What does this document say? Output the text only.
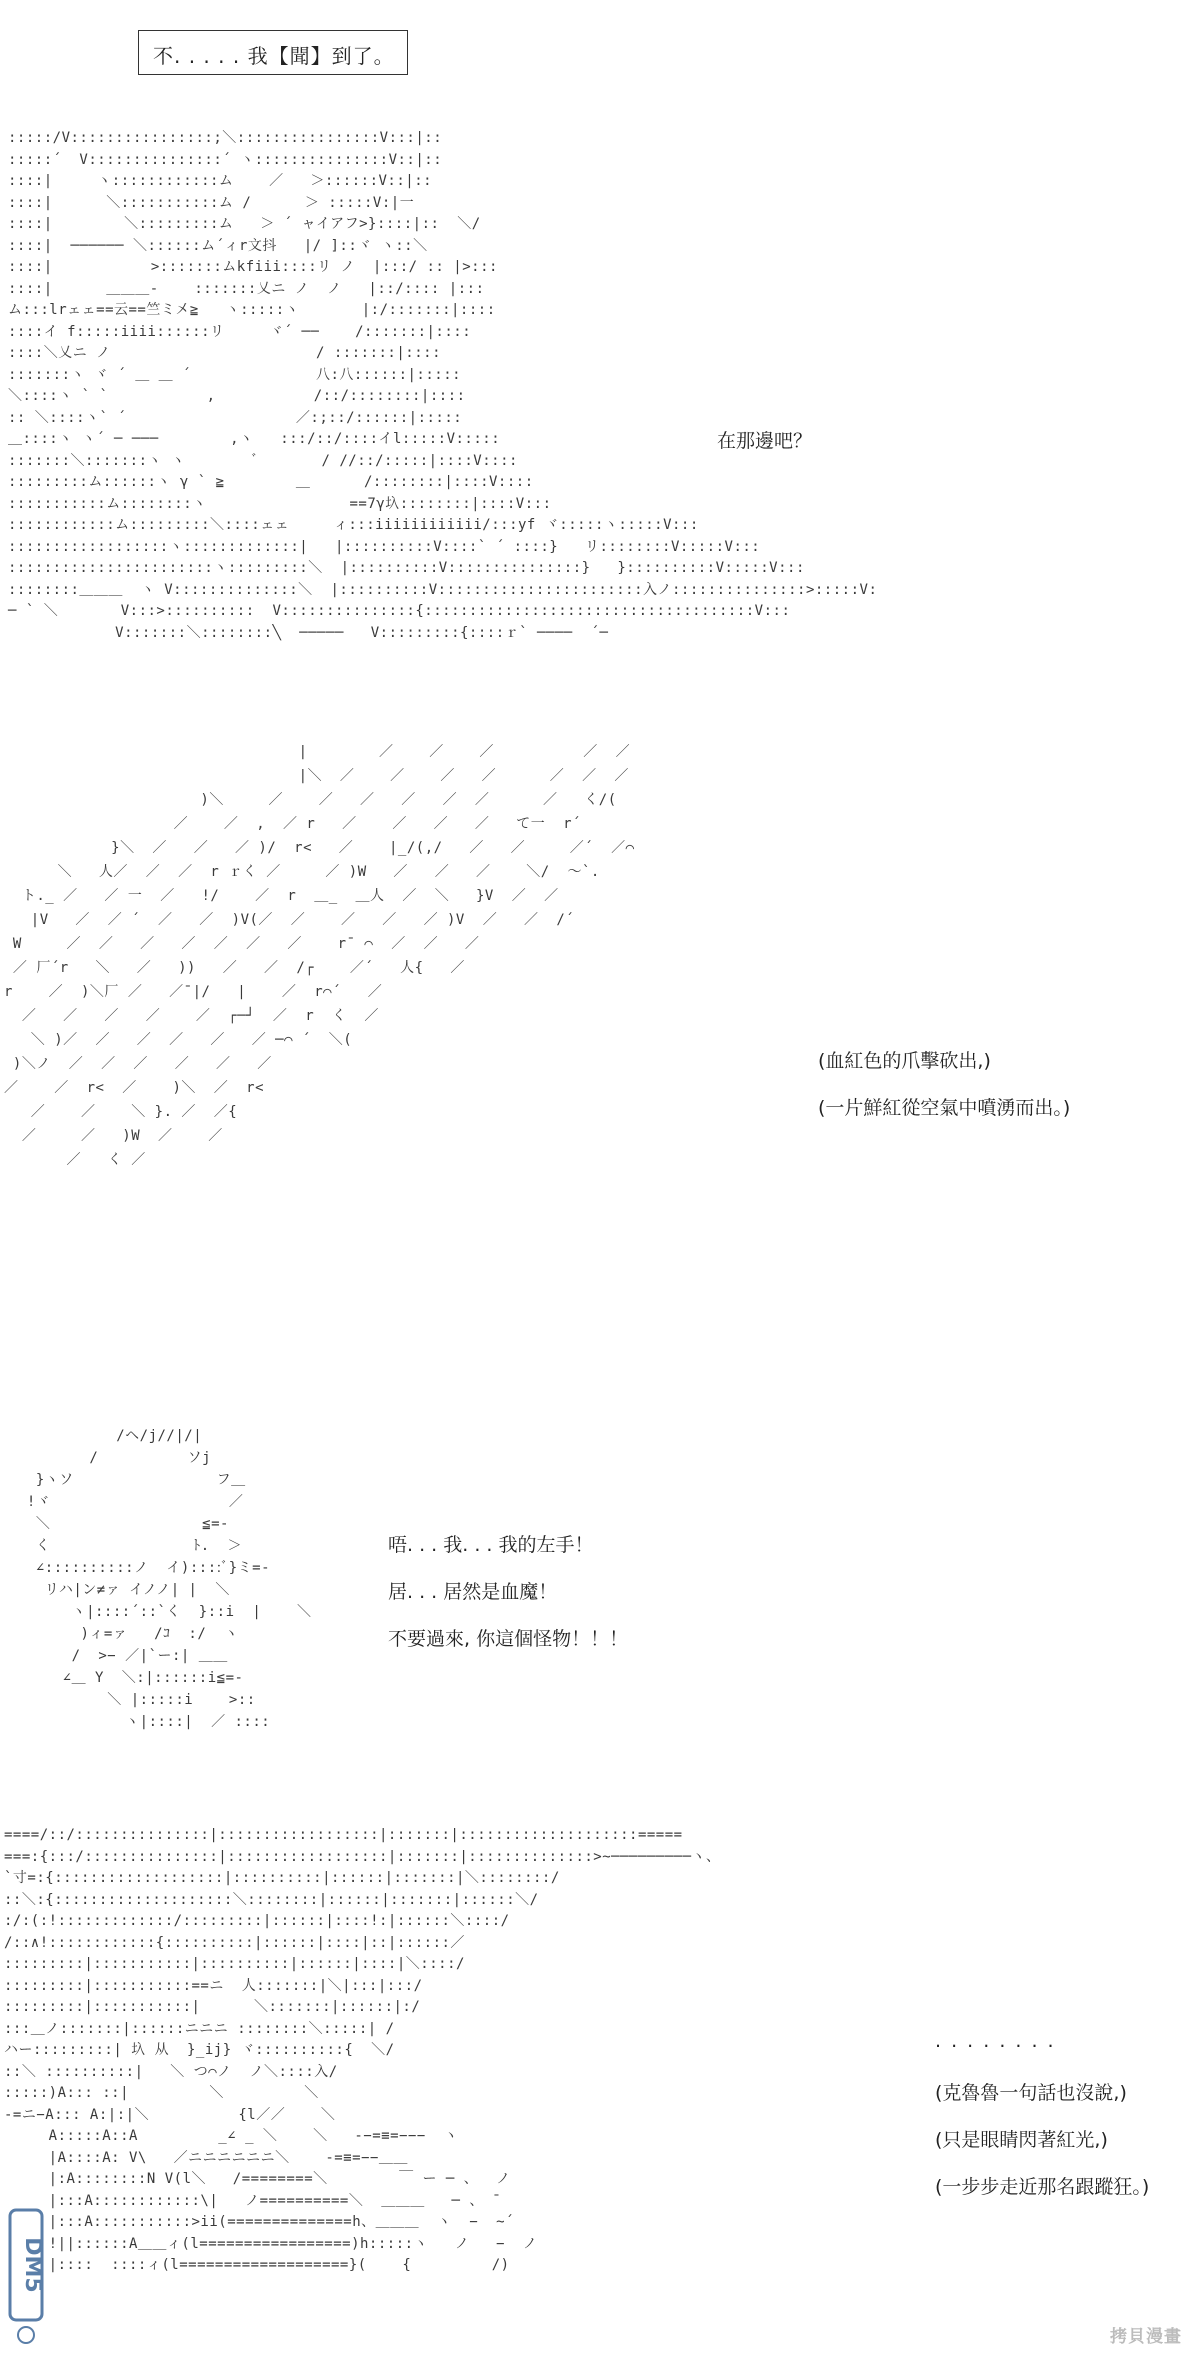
不. . . . . 我【聞】到了。
:::::/V::::::::::::::::;＼::::::::::::::::V:::|::
:::::´  V:::::::::::::::´ ヽ:::::::::::::::V::|::
::::|     ヽ::::::::::::ム    ／   ＞::::::V::|::
::::|      ＼:::::::::::ム /      ＞ :::::V:|一
::::|        ＼:::::::::ム   ＞ ´ ャイアフ>}::::|::  ＼/
::::|  ────── ＼::::::ム´ィr文抖   |/ ]::ヾ ヽ::＼
::::|           >:::::::ムkfiii::::リ ノ  |:::/ :: |>:::
::::|      ＿＿＿-    :::::::乂ニ ノ  ノ   |::/:::: |:::
ム:::lrェェ==云==竺ミ㐅≧   ヽ:::::ヽ       |:/:::::::|::::
::::イ f:::::iiii::::::リ     ヾ´ ──    /:::::::|::::
::::＼乂ニ ノ                       / :::::::|::::
:::::::ヽ ヾ ´ ＿ ＿ ´              八:八::::::|:::::
＼::::ヽ ` `           ,           /::/::::::::|::::
:: ＼::::ヽ` ´                   ／:;::/::::::|:::::
＿::::ヽ ヽ´ ─ ───        ,ヽ   :::/::/::::イl:::::V:::::
:::::::＼:::::::ヽ ヽ        ﾞ       / //::/:::::|::::V::::
:::::::::ム::::::ヽ γ ` ≧        ＿      /::::::::|::::V::::
:::::::::::ム::::::::ヽ                ==7γ圦::::::::|::::V:::
::::::::::::ム:::::::::＼::::ェェ     ィ:::iiiiiiiiiiii/:::yf ヾ:::::ヽ:::::V:::
::::::::::::::::::ヽ:::::::::::::|   |::::::::::V::::` ´ ::::}   リ::::::::V:::::V:::
:::::::::::::::::::::::ヽ:::::::::＼  |::::::::::V:::::::::::::::}   }::::::::::V:::::V:::
::::::::＿＿＿  ヽ V::::::::::::::＼  |::::::::::V:::::::::::::::::::::::入ノ:::::::::::::::>:::::V:
─ ` ＼       V:::>::::::::::  V:::::::::::::::{:::::::::::::::::::::::::::::::::::::V:::
V:::::::＼::::::::╲  ─────   V:::::::::{::::ｒ` ────  ´─

在那邊吧？
|        ／    ／    ／          ／  ／
|＼  ／    ／    ／   ／      ／  ／  ／
)＼     ／    ／   ／   ／   ／  ／      ／   く/(
／    ／  ,  ／ r   ／    ／   ／   ／   て一  r´
}＼  ／   ／   ／ )/  r<   ／    |_/(,/   ／   ／     ／´  ／⌒
＼   人／  ／  ／  r ｒく ／     ／ )W   ／   ／   ／    ＼/  ～`.
ト._ ／   ／ 一  ／   !/    ／  r  ＿_  ＿人  ／  ＼   }V  ／  ／
|V   ／  ／ ´  ／   ／  )V(／  ／    ／   ／   ／ )V  ／   ／  /´
W     ／  ／   ／   ／  ／  ／   ／    r¯ ⌒  ／  ／   ／
／ 厂´r   ＼   ／   ))   ／   ／  /┌    ／´   人{   ／
r    ／  )＼厂 ／   ／¯|/   |    ／  r⌒´   ／
／   ／   ／   ／    ／  ┌─┘  ／  r  く  ／
＼ )／  ／   ／  ／   ／   ／ ─⌒ ´  ＼(
)＼ノ  ／  ／  ／   ／   ／   ／
／    ／  r<  ／    )＼  ／  r<
／    ／    ＼ }. ／  ／{
／     ／   )W  ／    ／
／   く ／

(血紅色的爪擊砍出,)
(一片鮮紅從空氣中噴湧而出。)
/ヘ/j//|/|
/          ソj
}ヽソ                フ＿
!ヾ                    ／
＼                 ≦=-
く                ﾄ.  ＞
∠::::::::::ノ  イ)::::ﾞ}ミ=-
リハ|ン≠ァ イノノ| |  ＼
ヽ|::::´::`く  }::i  |    ＼
)ィ=ァ   /ｺ  :/  ヽ
/  >− ／|`ー:| ＿＿
∠＿ Y  ＼:|::::::i≦=-
＼ |:::::i    >::
ヽ|::::|  ／ ::::

唔. . . 我. . . 我的左手！
居. . . 居然是血魔！
不要過來, 你這個怪物！！！
====/::/:::::::::::::::|::::::::::::::::::|:::::::|::::::::::::::::::::=====
===:{:::/:::::::::::::::|::::::::::::::::::|:::::::|::::::::::::::>~─────────ヽ、
`寸=:{:::::::::::::::::::|::::::::::|::::::|:::::::|＼::::::::/
::＼:{::::::::::::::::::::＼::::::::|::::::|:::::::|::::::＼/
:/:(:!:::::::::::::/:::::::::|::::::|::::!:|::::::＼::::/
/::∧!::::::::::::{::::::::::|::::::|::::|::|::::::／
:::::::::|:::::::::::|::::::::::|::::::|::::|＼::::/
:::::::::|:::::::::::==ニ  人:::::::|＼|:::|:::/
:::::::::|:::::::::::|      ＼:::::::|::::::|:/
:::＿ノ:::::::|::::::ニニニ ::::::::＼:::::| /
ハー:::::::::| 圦 从  }_ij} ヾ::::::::::{  ＼/
::＼ ::::::::::|   ＼ つ⌒ノ  ノ＼::::入/
:::::)A::: ::|         ＼         ＼
-=ニ−A::: A:|:|＼          {l／／    ＼
A:::::A::A         _∠ _ ＼    ＼   -−=≡=−−−  ヽ
|A::::A: V\   ／ニニニニニニ＼    -=≡=−−＿＿
|:A::::::::N V(l＼   /========＼        ￣ ー ─ 、  ノ
|:::A::::::::::::\|   ノ==========＼  ＿＿＿   ─ 、 ̄
|:::A:::::::::::>ii(==============h、＿＿＿  ヽ  −  ~´
!||::::::A＿＿ィ(l=================)h:::::ヽ   ノ   −  ノ
|::::  ::::ィ(l===================}(    {         /)

. . . . . . . .
(克魯魯一句話也沒說,)
(只是眼睛閃著紅光,)
(一步步走近那名跟蹤狂。)
DM5
拷貝漫畫
